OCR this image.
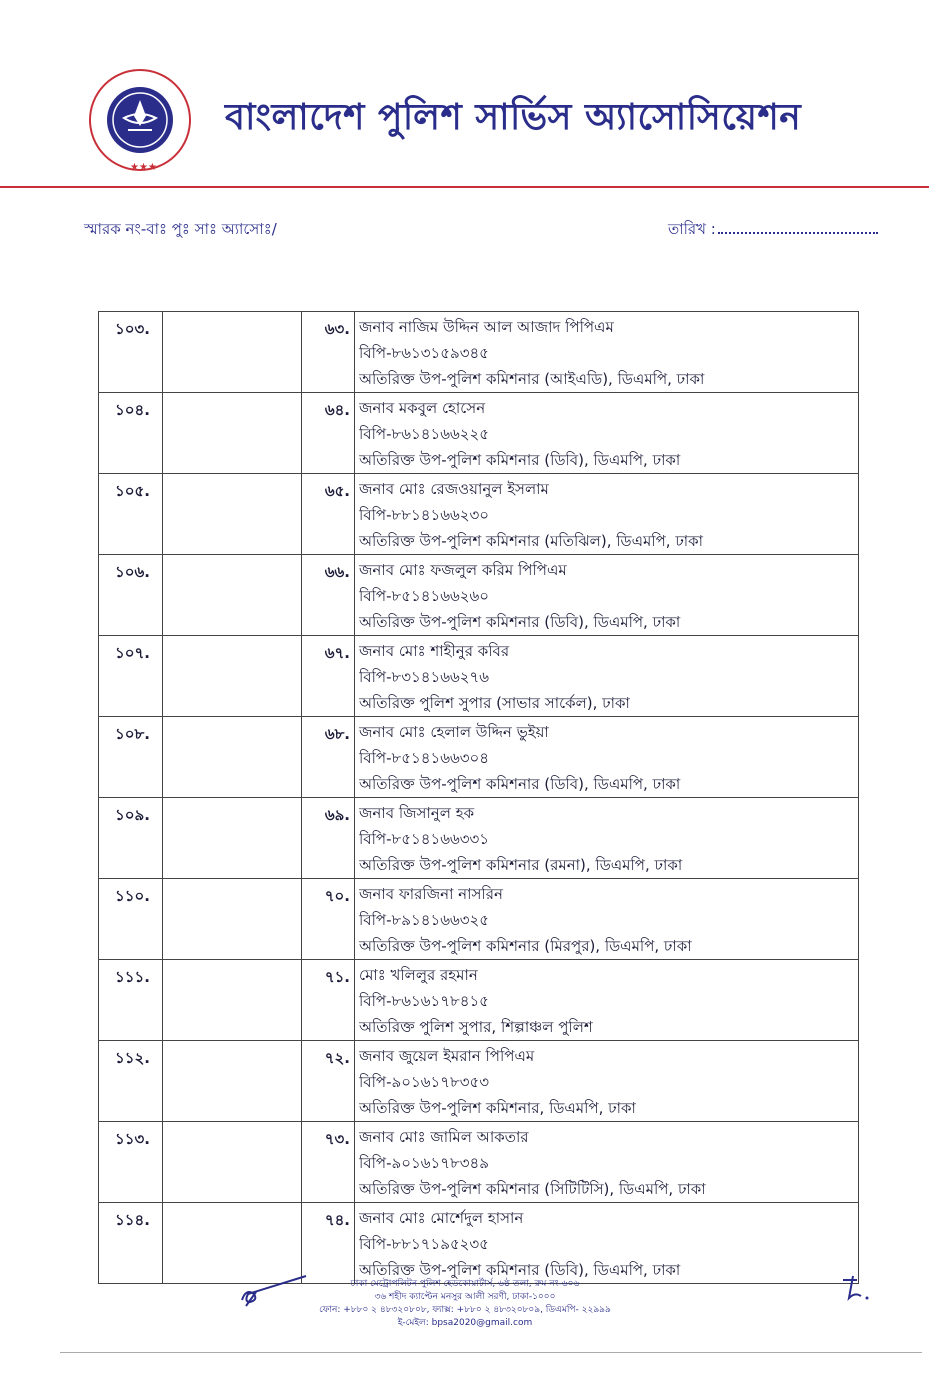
★★★
বাংলাদেশ পুলিশ সার্ভিস অ্যাসোসিয়েশন
স্মারক নং-বাঃ পুঃ সাঃ অ্যাসোঃ/	তারিখ :
১০৩.		৬৩.	জনাব নাজিম উদ্দিন আল আজাদ পিপিএম
বিপি-৮৬১৩১৫৯৩৪৫
অতিরিক্ত উপ-পুলিশ কমিশনার (আইএডি), ডিএমপি, ঢাকা

১০৪.		৬৪.	জনাব মকবুল হোসেন
বিপি-৮৬১৪১৬৬২২৫
অতিরিক্ত উপ-পুলিশ কমিশনার (ডিবি), ডিএমপি, ঢাকা

১০৫.		৬৫.	জনাব মোঃ রেজওয়ানুল ইসলাম
বিপি-৮৮১৪১৬৬২৩০
অতিরিক্ত উপ-পুলিশ কমিশনার (মতিঝিল), ডিএমপি, ঢাকা

১০৬.		৬৬.	জনাব মোঃ ফজলুল করিম পিপিএম
বিপি-৮৫১৪১৬৬২৬০
অতিরিক্ত উপ-পুলিশ কমিশনার (ডিবি), ডিএমপি, ঢাকা

১০৭.		৬৭.	জনাব মোঃ শাহীনুর কবির
বিপি-৮৩১৪১৬৬২৭৬
অতিরিক্ত পুলিশ সুপার (সাভার সার্কেল), ঢাকা

১০৮.		৬৮.	জনাব মোঃ হেলাল উদ্দিন ভুইয়া
বিপি-৮৫১৪১৬৬৩০৪
অতিরিক্ত উপ-পুলিশ কমিশনার (ডিবি), ডিএমপি, ঢাকা

১০৯.		৬৯.	জনাব জিসানুল হক
বিপি-৮৫১৪১৬৬৩৩১
অতিরিক্ত উপ-পুলিশ কমিশনার (রমনা), ডিএমপি, ঢাকা

১১০.		৭০.	জনাব ফারজিনা নাসরিন
বিপি-৮৯১৪১৬৬৩২৫
অতিরিক্ত উপ-পুলিশ কমিশনার (মিরপুর), ডিএমপি, ঢাকা

১১১.		৭১.	মোঃ খলিলুর রহমান
বিপি-৮৬১৬১৭৮৪১৫
অতিরিক্ত পুলিশ সুপার, শিল্পাঞ্চল পুলিশ

১১২.		৭২.	জনাব জুয়েল ইমরান পিপিএম
বিপি-৯০১৬১৭৮৩৫৩
অতিরিক্ত উপ-পুলিশ কমিশনার, ডিএমপি, ঢাকা

১১৩.		৭৩.	জনাব মোঃ জামিল আকতার
বিপি-৯০১৬১৭৮৩৪৯
অতিরিক্ত উপ-পুলিশ কমিশনার (সিটিটিসি), ডিএমপি, ঢাকা

১১৪.		৭৪.	জনাব মোঃ মোর্শেদুল হাসান
বিপি-৮৮১৭১৯৫২৩৫
অতিরিক্ত উপ-পুলিশ কমিশনার (ডিবি), ডিএমপি, ঢাকা
ঢাকা মেট্রোপলিটন পুলিশ হেডকোয়ার্টার্স, ৬ষ্ঠ তলা, রুম নং-৬০৬
৩৬ শহীদ ক্যাপ্টেন মনসুর আলী সরণী, ঢাকা-১০০০
ফোন: +৮৮০ ২ ৪৮৩২০৮০৮, ফ্যাক্স: +৮৮০ ২ ৪৮৩২০৮০৯, ডিএমপি- ২২৯৯৯
ই-মেইল: bpsa2020@gmail.com
